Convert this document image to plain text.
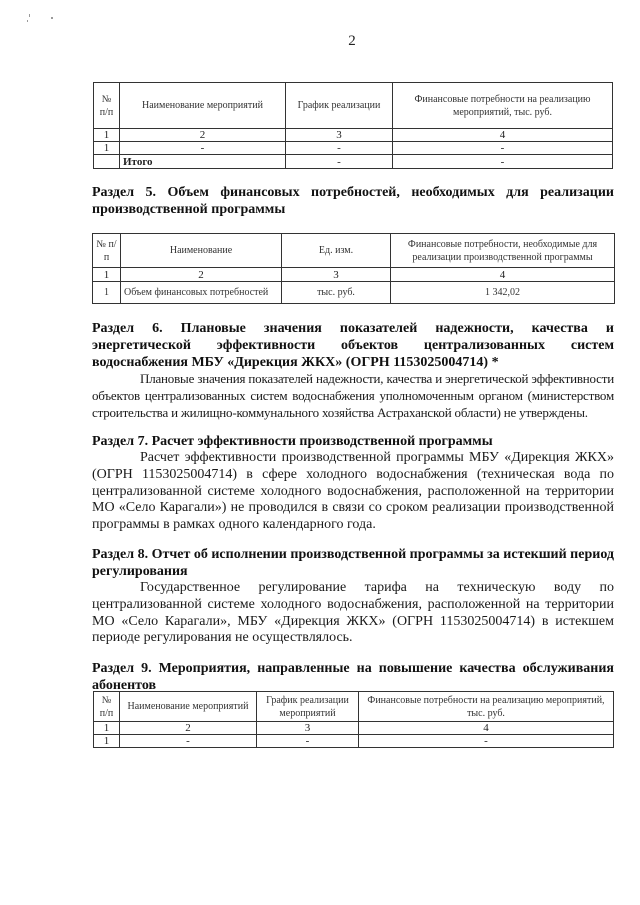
2
№ п/п	Наименование мероприятий	График реализации	Финансовые потребности на реализацию мероприятий, тыс. руб.
1	2	3	4
1	-	-	-
	Итого	-	-
Раздел 5. Объем финансовых потребностей, необходимых для реализации производственной программы
№ п/п	Наименование	Ед. изм.	Финансовые потребности, необходимые для реализации производственной программы
1	2	3	4
1	Объем финансовых потребностей	тыс. руб.	1 342,02
Раздел 6. Плановые значения показателей надежности, качества и энергетической эффективности объектов централизованных систем водоснабжения МБУ «Дирекция ЖКХ» (ОГРН 1153025004714) *
Плановые значения показателей надежности, качества и энергетической эффективности объектов централизованных систем водоснабжения уполномоченным органом (министерством строительства и жилищно-коммунального хозяйства Астраханской области) не утверждены.
Раздел 7. Расчет эффективности производственной программы
Расчет эффективности производственной программы МБУ «Дирекция ЖКХ» (ОГРН 1153025004714) в сфере холодного водоснабжения (техническая вода по централизованной системе холодного водоснабжения, расположенной на территории МО «Село Карагали») не проводился в связи со сроком реализации производственной программы в рамках одного календарного года.
Раздел 8. Отчет об исполнении производственной программы за истекший период регулирования
Государственное регулирование тарифа на техническую воду по централизованной системе холодного водоснабжения, расположенной на территории МО «Село Карагали», МБУ «Дирекция ЖКХ» (ОГРН 1153025004714) в истекшем периоде регулирования не осуществлялось.
Раздел 9. Мероприятия, направленные на повышение качества обслуживания абонентов
№ п/п	Наименование мероприятий	График реализации мероприятий	Финансовые потребности на реализацию мероприятий, тыс. руб.
1	2	3	4
1	-	-	-
